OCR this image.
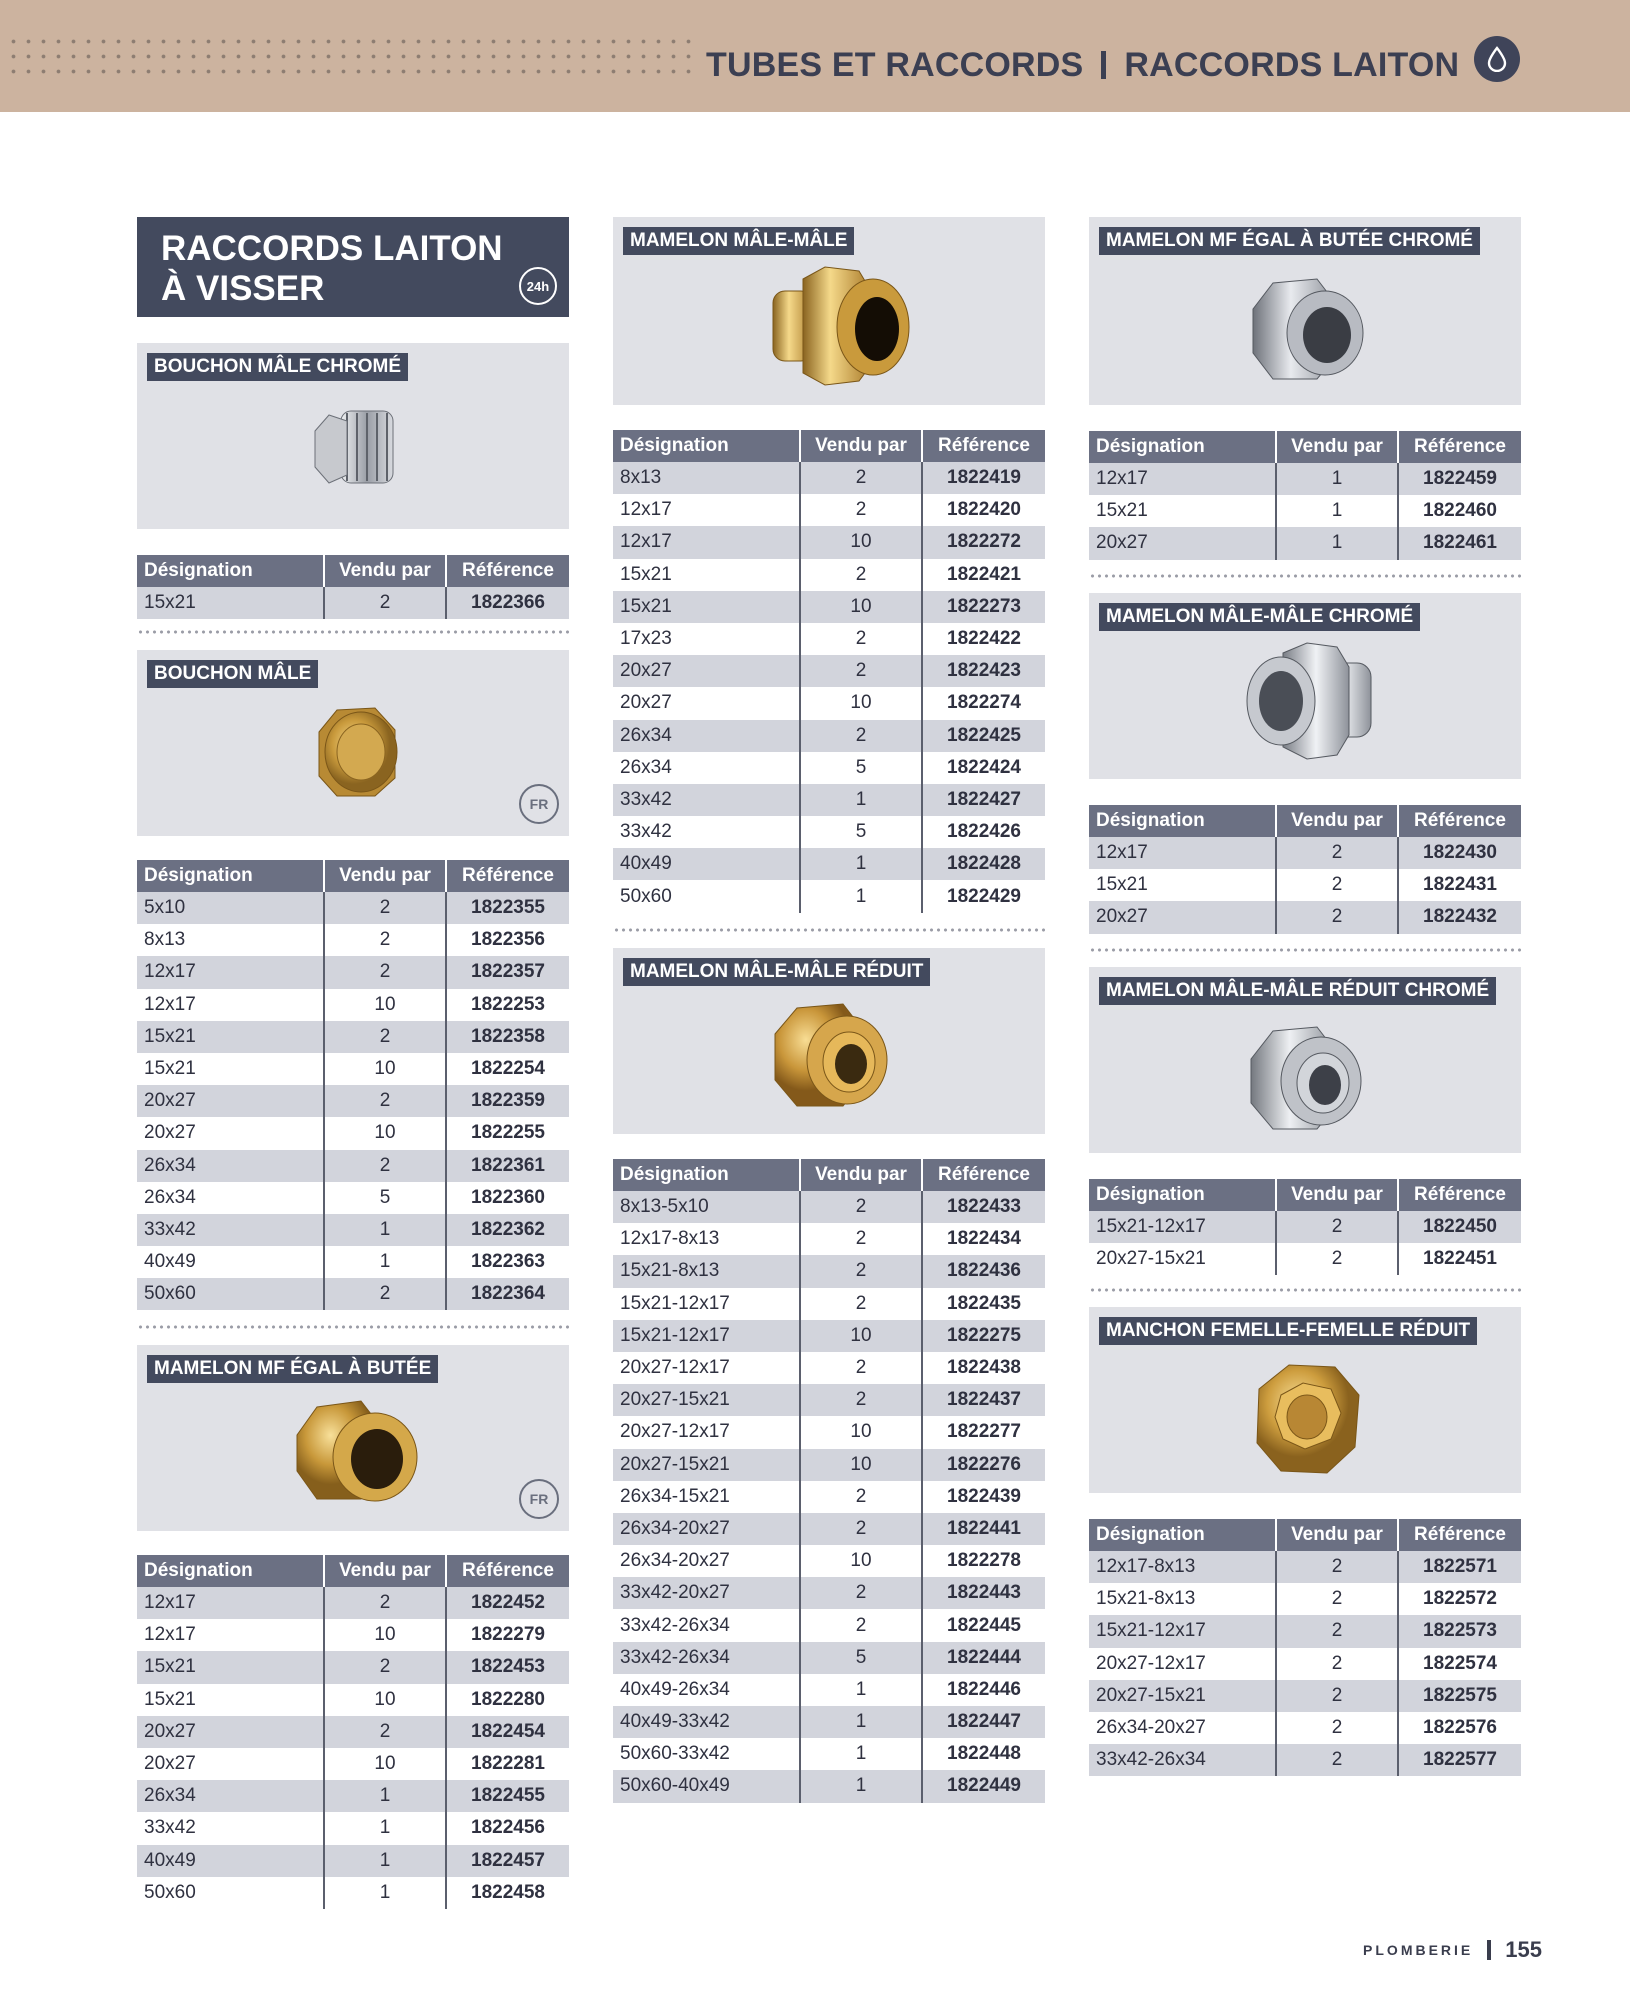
TUBES ET RACCORDS RACCORDS LAITON
RACCORDS LAITON
À VISSER	24h
BOUCHON MÂLE CHROMÉ
Désignation	Vendu par	Référence
15x21	2	1822366
BOUCHON MÂLE
FR
Désignation	Vendu par	Référence
5x10	2	1822355
8x13	2	1822356
12x17	2	1822357
12x17	10	1822253
15x21	2	1822358
15x21	10	1822254
20x27	2	1822359
20x27	10	1822255
26x34	2	1822361
26x34	5	1822360
33x42	1	1822362
40x49	1	1822363
50x60	2	1822364
MAMELON MF ÉGAL À BUTÉE
FR
Désignation	Vendu par	Référence
12x17	2	1822452
12x17	10	1822279
15x21	2	1822453
15x21	10	1822280
20x27	2	1822454
20x27	10	1822281
26x34	1	1822455
33x42	1	1822456
40x49	1	1822457
50x60	1	1822458
MAMELON MÂLE-MÂLE
Désignation	Vendu par	Référence
8x13	2	1822419
12x17	2	1822420
12x17	10	1822272
15x21	2	1822421
15x21	10	1822273
17x23	2	1822422
20x27	2	1822423
20x27	10	1822274
26x34	2	1822425
26x34	5	1822424
33x42	1	1822427
33x42	5	1822426
40x49	1	1822428
50x60	1	1822429
MAMELON MÂLE-MÂLE RÉDUIT
Désignation	Vendu par	Référence
8x13-5x10	2	1822433
12x17-8x13	2	1822434
15x21-8x13	2	1822436
15x21-12x17	2	1822435
15x21-12x17	10	1822275
20x27-12x17	2	1822438
20x27-15x21	2	1822437
20x27-12x17	10	1822277
20x27-15x21	10	1822276
26x34-15x21	2	1822439
26x34-20x27	2	1822441
26x34-20x27	10	1822278
33x42-20x27	2	1822443
33x42-26x34	2	1822445
33x42-26x34	5	1822444
40x49-26x34	1	1822446
40x49-33x42	1	1822447
50x60-33x42	1	1822448
50x60-40x49	1	1822449
MAMELON MF ÉGAL À BUTÉE CHROMÉ
Désignation	Vendu par	Référence
12x17	1	1822459
15x21	1	1822460
20x27	1	1822461
MAMELON MÂLE-MÂLE CHROMÉ
Désignation	Vendu par	Référence
12x17	2	1822430
15x21	2	1822431
20x27	2	1822432
MAMELON MÂLE-MÂLE RÉDUIT CHROMÉ
Désignation	Vendu par	Référence
15x21-12x17	2	1822450
20x27-15x21	2	1822451
MANCHON FEMELLE-FEMELLE RÉDUIT
Désignation	Vendu par	Référence
12x17-8x13	2	1822571
15x21-8x13	2	1822572
15x21-12x17	2	1822573
20x27-12x17	2	1822574
20x27-15x21	2	1822575
26x34-20x27	2	1822576
33x42-26x34	2	1822577
PLOMBERIE 155
